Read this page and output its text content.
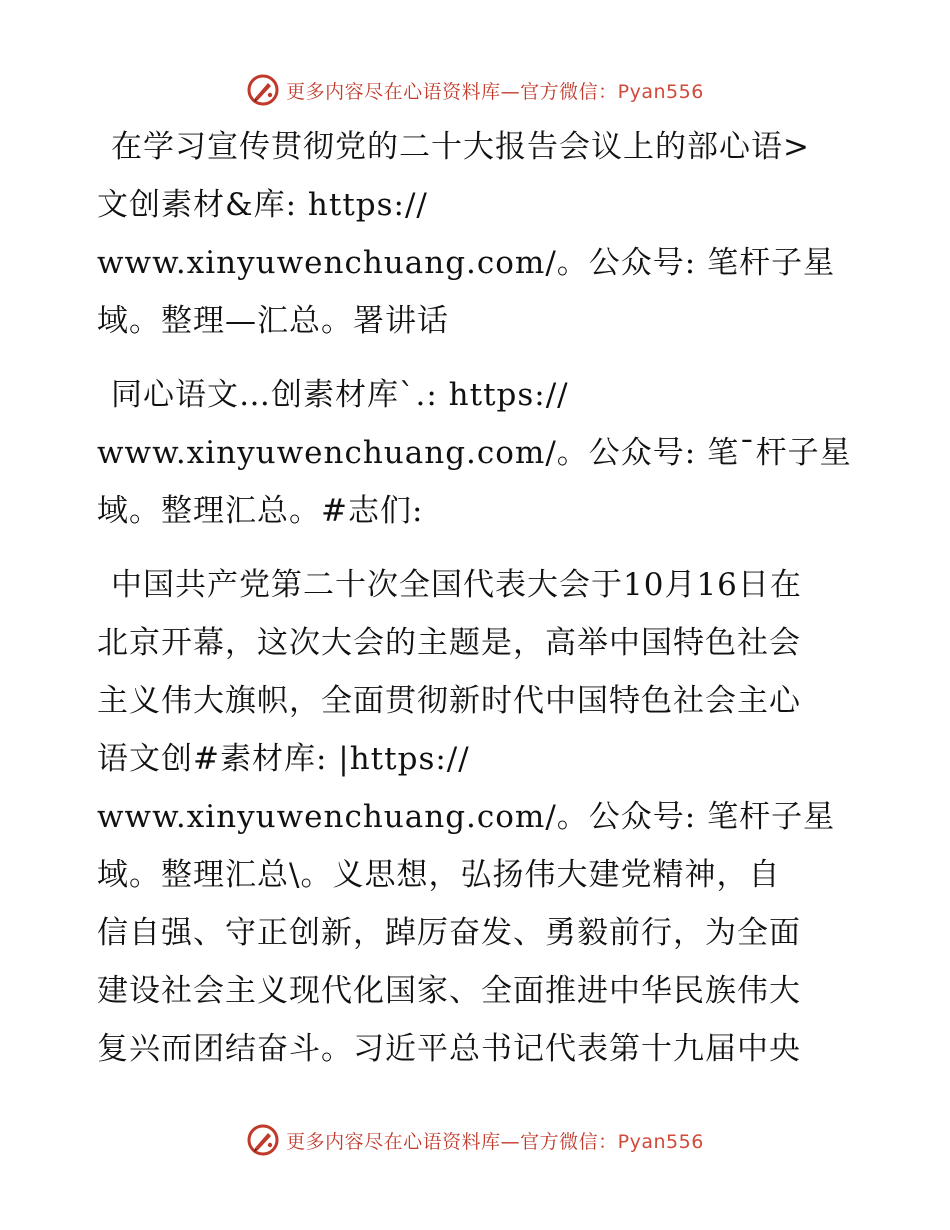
更多内容尽在心语资料库—官方微信：Pyan556
在学习宣传贯彻党的二十大报告会议上的部心语>
文创素材&库: https://
www.xinyuwenchuang.com/。公众号: 笔杆子星
域。整理—汇总。署讲话
同心语文…创素材库`.: https://
www.xinyuwenchuang.com/。公众号: 笔¯杆子星
域。整理汇总。#志们:
中国共产党第二十次全国代表大会于10月16日在
北京开幕，这次大会的主题是，高举中国特色社会
主义伟大旗帜，全面贯彻新时代中国特色社会主心
语文创#素材库: |https://
www.xinyuwenchuang.com/。公众号: 笔杆子星
域。整理汇总\。义思想，弘扬伟大建党精神，自
信自强、守正创新，踔厉奋发、勇毅前行，为全面
建设社会主义现代化国家、全面推进中华民族伟大
复兴而团结奋斗。习近平总书记代表第十九届中央
更多内容尽在心语资料库—官方微信：Pyan556
